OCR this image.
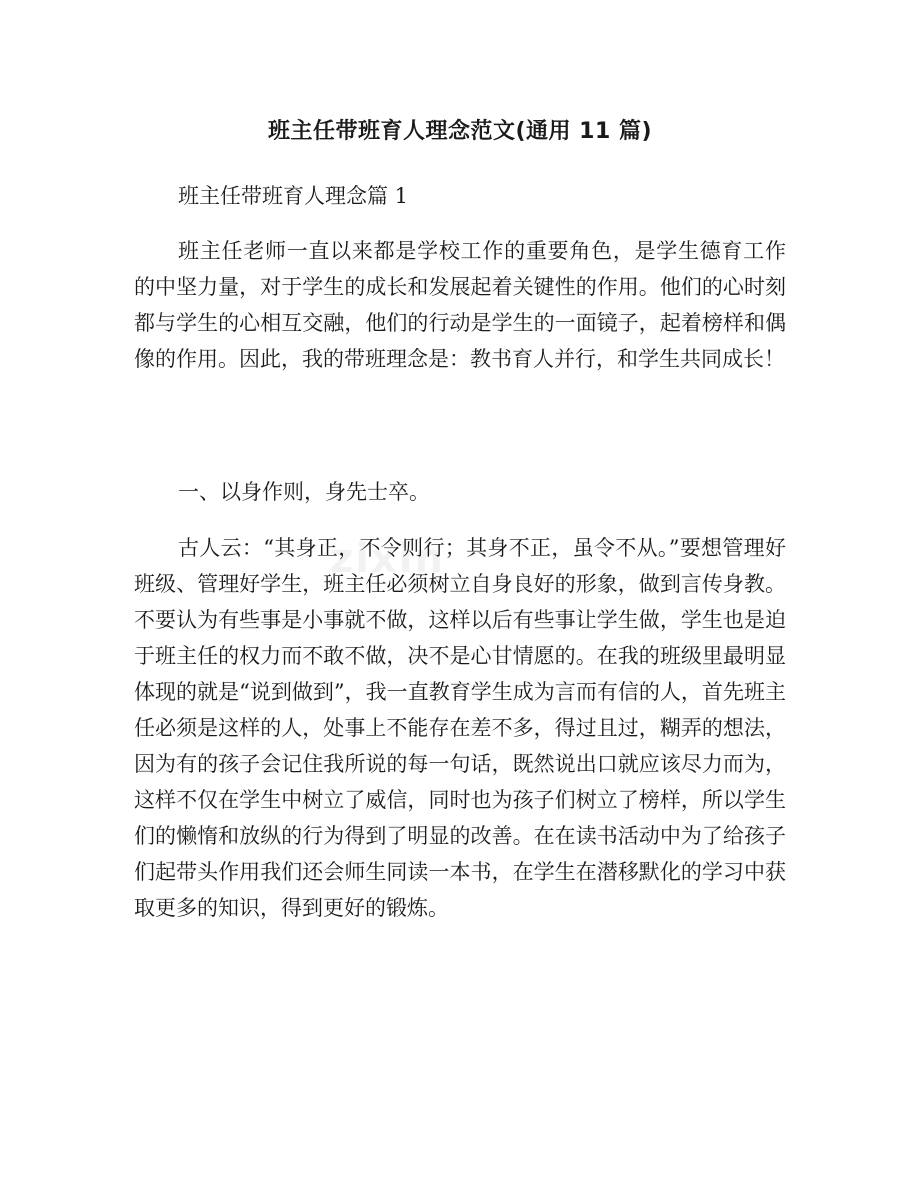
班主任带班育人理念范文(通用 11 篇)

班主任带班育人理念篇 1

班主任老师一直以来都是学校工作的重要角色，是学生德育工作的中坚力量，对于学生的成长和发展起着关键性的作用。他们的心时刻都与学生的心相互交融，他们的行动是学生的一面镜子，起着榜样和偶像的作用。因此，我的带班理念是：教书育人并行，和学生共同成长！

一、以身作则，身先士卒。

古人云：“其身正，不令则行；其身不正，虽令不从。”要想管理好班级、管理好学生，班主任必须树立自身良好的形象，做到言传身教。不要认为有些事是小事就不做，这样以后有些事让学生做，学生也是迫于班主任的权力而不敢不做，决不是心甘情愿的。在我的班级里最明显体现的就是“说到做到”，我一直教育学生成为言而有信的人，首先班主任必须是这样的人，处事上不能存在差不多，得过且过，糊弄的想法，因为有的孩子会记住我所说的每一句话，既然说出口就应该尽力而为，这样不仅在学生中树立了威信，同时也为孩子们树立了榜样，所以学生们的懒惰和放纵的行为得到了明显的改善。在在读书活动中为了给孩子们起带头作用我们还会师生同读一本书，在学生在潜移默化的学习中获取更多的知识，得到更好的锻炼。
